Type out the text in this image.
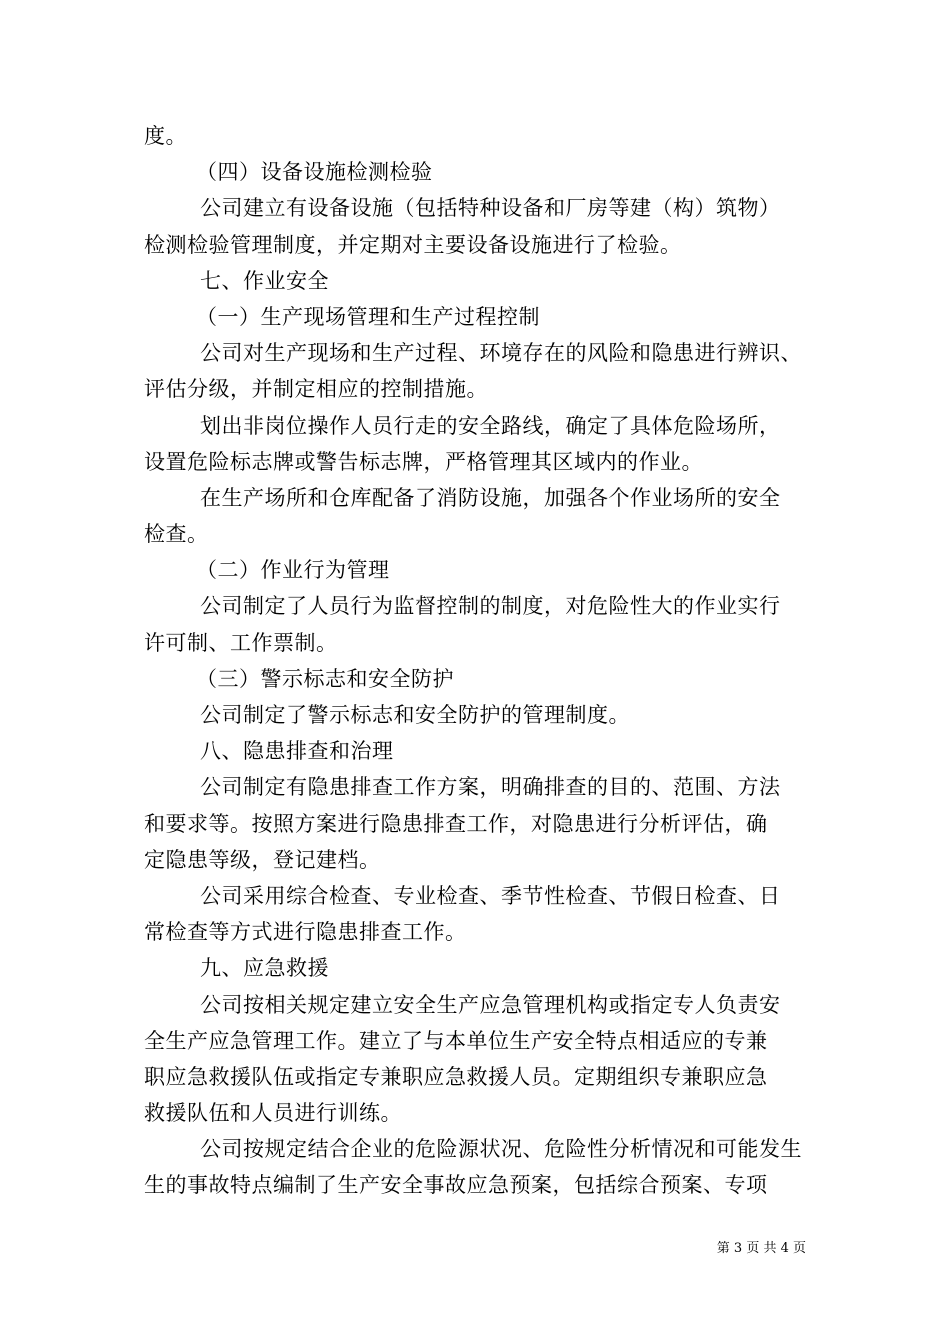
度。
（四）设备设施检测检验
公司建立有设备设施（包括特种设备和厂房等建（构）筑物）
检测检验管理制度，并定期对主要设备设施进行了检验。
七、作业安全
（一）生产现场管理和生产过程控制
公司对生产现场和生产过程、环境存在的风险和隐患进行辨识、
评估分级，并制定相应的控制措施。
划出非岗位操作人员行走的安全路线，确定了具体危险场所，
设置危险标志牌或警告标志牌，严格管理其区域内的作业。
在生产场所和仓库配备了消防设施，加强各个作业场所的安全
检查。
（二）作业行为管理
公司制定了人员行为监督控制的制度，对危险性大的作业实行
许可制、工作票制。
（三）警示标志和安全防护
公司制定了警示标志和安全防护的管理制度。
八、隐患排查和治理
公司制定有隐患排查工作方案，明确排查的目的、范围、方法
和要求等。按照方案进行隐患排查工作，对隐患进行分析评估，确
定隐患等级，登记建档。
公司采用综合检查、专业检查、季节性检查、节假日检查、日
常检查等方式进行隐患排查工作。
九、应急救援
公司按相关规定建立安全生产应急管理机构或指定专人负责安
全生产应急管理工作。建立了与本单位生产安全特点相适应的专兼
职应急救援队伍或指定专兼职应急救援人员。定期组织专兼职应急
救援队伍和人员进行训练。
公司按规定结合企业的危险源状况、危险性分析情况和可能发生
生的事故特点编制了生产安全事故应急预案，包括综合预案、专项
第 3 页 共 4 页
